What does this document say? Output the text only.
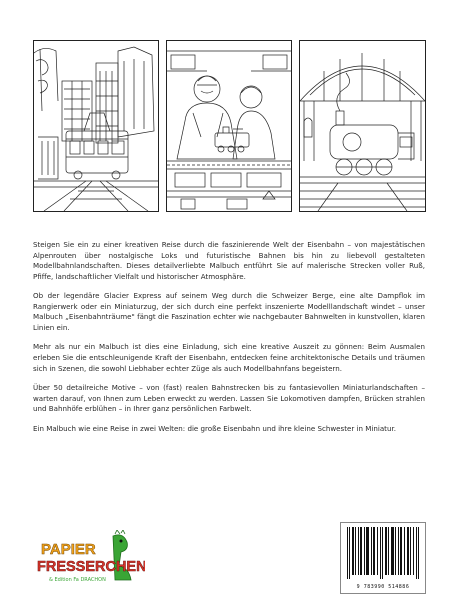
Steigen Sie ein zu einer kreativen Reise durch die faszinierende Welt der Eisenbahn – von majestätischen Alpenrouten über nostalgische Loks und futuristische Bahnen bis hin zu liebevoll gestalteten Modellbahnlandschaften. Dieses detailverliebte Malbuch entführt Sie auf malerische Strecken voller Ruß, Pfiffe, landschaftlicher Vielfalt und historischer Atmosphäre.

Ob der legendäre Glacier Express auf seinem Weg durch die Schweizer Berge, eine alte Dampflok im Rangierwerk oder ein Miniaturzug, der sich durch eine perfekt inszenierte Modelllandschaft windet – unser Malbuch „Eisenbahnträume" fängt die Faszination echter wie nachgebauter Bahnwelten in kunstvollen, klaren Linien ein.

Mehr als nur ein Malbuch ist dies eine Einladung, sich eine kreative Auszeit zu gönnen: Beim Ausmalen erleben Sie die entschleunigende Kraft der Eisenbahn, entdecken feine architektonische Details und träumen sich in Szenen, die sowohl Liebhaber echter Züge als auch Modellbahnfans begeistern.

Über 50 detailreiche Motive – von (fast) realen Bahnstrecken bis zu fantasievollen Miniaturlandschaften – warten darauf, von Ihnen zum Leben erweckt zu werden. Lassen Sie Lokomotiven dampfen, Brücken strahlen und Bahnhöfe erblühen – in Ihrer ganz persönlichen Farbwelt.

Ein Malbuch wie eine Reise in zwei Welten: die große Eisenbahn und ihre kleine Schwester in Miniatur.

PAPIER
FRESSERCHEN
& Edition Fa DRACHON
9 783990 514886
